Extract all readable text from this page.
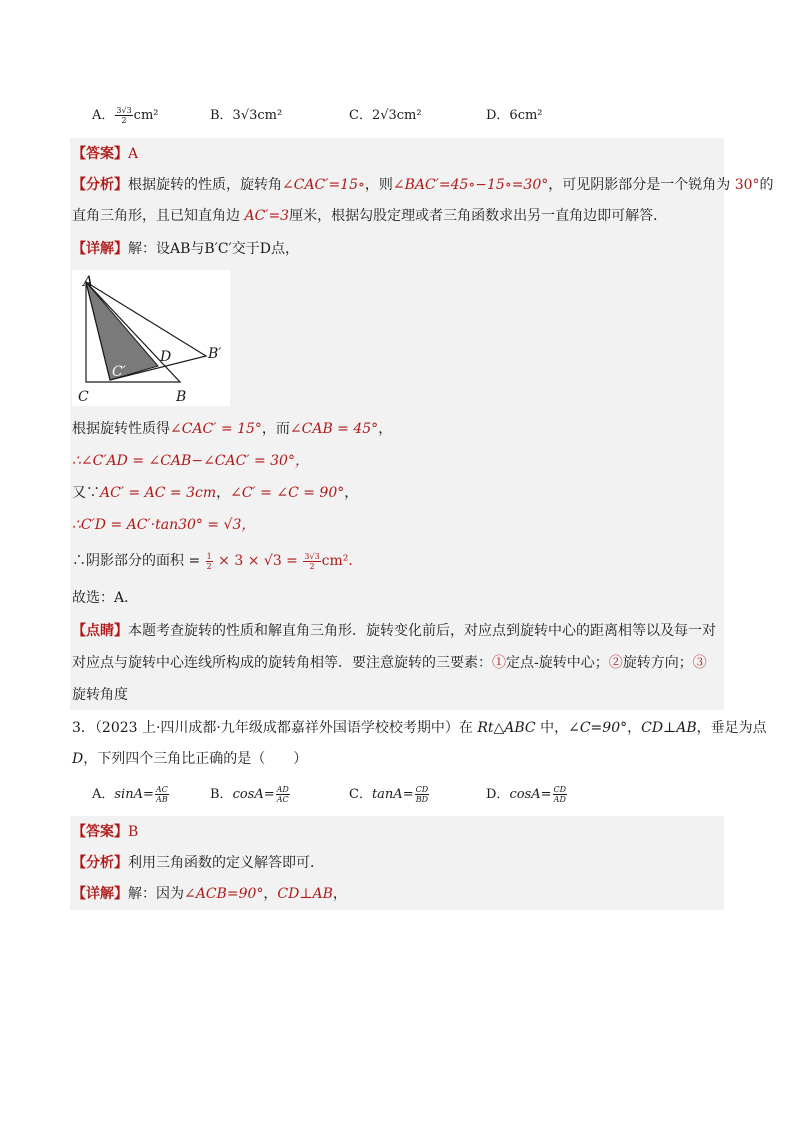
A． $\frac{3√3}{2} cm^2$	B．3√3cm²	C．2√3cm²	D．6cm²
【答案】A
【分析】根据旋转的性质，旋转角∠CAC′=15∘，则∠BAC′=45∘−15∘=30°，可见阴影部分是一个锐角为 30°的
直角三角形，且已知直角边 AC′=3厘米，根据勾股定理或者三角函数求出另一直角边即可解答．
【详解】解：设AB与B′C′交于D点，
A
C	B
C′
D	B′
根据旋转性质得∠CAC′ = 15°，而∠CAB = 45°，
∴∠C′AD = ∠CAB−∠CAC′ = 30°，
又∵AC′ = AC = 3cm，∠C′ = ∠C = 90°，
∴C′D = AC′·tan30° = √3，
∴阴影部分的面积 = $\frac{1}{2} \times 3 \times √3 = \frac{3√3}{2} cm^2$．
故选：A．
【点睛】本题考查旋转的性质和解直角三角形．旋转变化前后，对应点到旋转中心的距离相等以及每一对
对应点与旋转中心连线所构成的旋转角相等．要注意旋转的三要素：①定点-旋转中心；②旋转方向；③
旋转角度
3．（2023 上·四川成都·九年级成都嘉祥外国语学校校考期中）在 Rt△ABC 中，∠C=90°，CD⊥AB，垂足为点
D，下列四个三角比正确的是（　　）
A．$\sin A= \frac{AC}{AB}$	B．$\cos A= \frac{AD}{AC}$	C．$\tan A= \frac{CD}{BD}$	D．$\cos A= \frac{CD}{AD}$
【答案】B
【分析】利用三角函数的定义解答即可．
【详解】解：因为∠ACB=90°，CD⊥AB，
